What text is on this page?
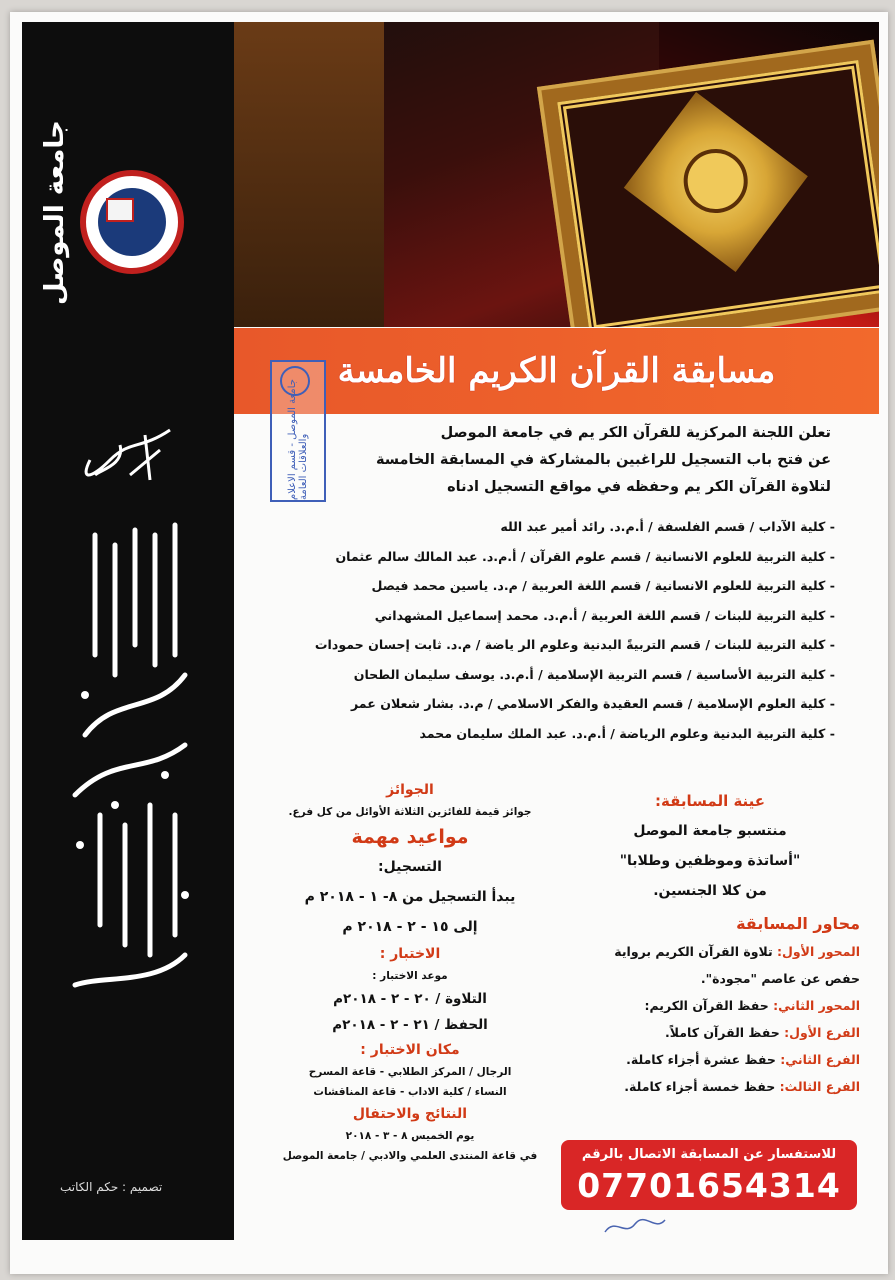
جامعة الموصل
تصميم : حكم الكاتب
مسابقة القرآن الكريم الخامسة
جامعة الموصل - قسم الاعلام والعلاقات العامة
تعلن اللجنة المركزية للقرآن الكر يم في جامعة الموصل
عن فتح باب التسجيل للراغبين بالمشاركة في المسابقة الخامسة
لتلاوة القرآن الكر يم وحفظه في مواقع التسجيل ادناه
- كلية الآداب / قسم الفلسفة / أ.م.د. رائد أمير عبد الله
- كلية التربية للعلوم الانسانية / قسم علوم القرآن / أ.م.د. عبد المالك سالم عثمان
- كلية التربية للعلوم الانسانية / قسم اللغة العربية / م.د. ياسين محمد فيصل
- كلية التربية للبنات / قسم اللغة العربية / أ.م.د. محمد إسماعيل المشهداني
- كلية التربية للبنات / قسم التربيةً البدنية وعلوم الر ياضة / م.د. ثابت إحسان حمودات
- كلية التربية الأساسية / قسم التربية الإسلامية / أ.م.د. يوسف سليمان الطحان
- كلية العلوم الإسلامية / قسم العقيدة والفكر الاسلامي / م.د. بشار شعلان عمر
- كلية التربية البدنية وعلوم الرياضة / أ.م.د. عبد الملك سليمان محمد
عينة المسابقة:
منتسبو جامعة الموصل
"أساتذة وموظفين وطلابا"
من كلا الجنسين.
محاور المسابقة
المحور الأول: تلاوة القرآن الكريم برواية
حفص عن عاصم "مجودة".
المحور الثاني: حفظ القرآن الكريم:
الفرع الأول: حفظ القرآن كاملاً.
الفرع الثاني: حفظ عشرة أجزاء كاملة.
الفرع الثالث: حفظ خمسة أجزاء كاملة.
الجوائز
جوائز قيمة للفائزين الثلاثة الأوائل من كل فرع.
مواعيد مهمة
التسجيل:
يبدأ التسجيل من ٨- ١ - ٢٠١٨ م
إلى ١٥ - ٢ - ٢٠١٨ م
الاختبار :
موعد الاختبار :
التلاوة / ٢٠ - ٢ - ٢٠١٨م
الحفظ / ٢١ - ٢ - ٢٠١٨م
مكان الاختبار :
الرجال / المركز الطلابي - قاعة المسرح
النساء / كلية الاداب - قاعة المناقشات
النتائج والاحتفال
يوم الخميس ٨ - ٣ - ٢٠١٨
في قاعة المنتدى العلمي والادبي / جامعة الموصل	للاستفسار عن المسابقة الاتصال بالرقم
07701654314
